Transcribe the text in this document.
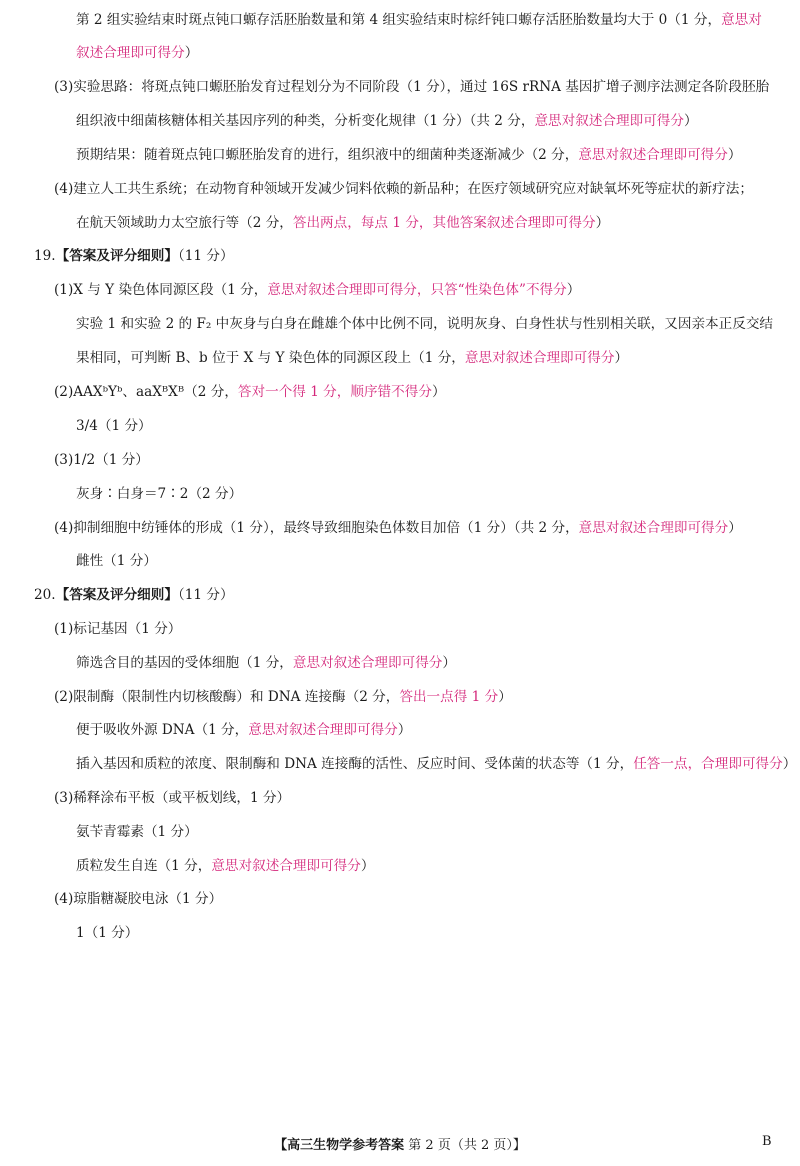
第 2 组实验结束时斑点钝口螈存活胚胎数量和第 4 组实验结束时棕纤钝口螈存活胚胎数量均大于 0（1 分，意思对
叙述合理即可得分）
(3)实验思路：将斑点钝口螈胚胎发育过程划分为不同阶段（1 分），通过 16S rRNA 基因扩增子测序法测定各阶段胚胎
组织液中细菌核糖体相关基因序列的种类，分析变化规律（1 分）（共 2 分，意思对叙述合理即可得分）
预期结果：随着斑点钝口螈胚胎发育的进行，组织液中的细菌种类逐渐减少（2 分，意思对叙述合理即可得分）
(4)建立人工共生系统；在动物育种领域开发减少饲料依赖的新品种；在医疗领域研究应对缺氧坏死等症状的新疗法；
在航天领域助力太空旅行等（2 分，答出两点，每点 1 分，其他答案叙述合理即可得分）
19.【答案及评分细则】（11 分）
(1)X 与 Y 染色体同源区段（1 分，意思对叙述合理即可得分，只答“性染色体”不得分）
实验 1 和实验 2 的 F₂ 中灰身与白身在雌雄个体中比例不同，说明灰身、白身性状与性别相关联，又因亲本正反交结
果相同，可判断 B、b 位于 X 与 Y 染色体的同源区段上（1 分，意思对叙述合理即可得分）
(2)AAXᵇYᵇ、aaXᴮXᴮ（2 分，答对一个得 1 分，顺序错不得分）
3/4（1 分）
(3)1/2（1 分）
灰身∶白身＝7∶2（2 分）
(4)抑制细胞中纺锤体的形成（1 分），最终导致细胞染色体数目加倍（1 分）（共 2 分，意思对叙述合理即可得分）
雌性（1 分）
20.【答案及评分细则】（11 分）
(1)标记基因（1 分）
筛选含目的基因的受体细胞（1 分，意思对叙述合理即可得分）
(2)限制酶（限制性内切核酸酶）和 DNA 连接酶（2 分，答出一点得 1 分）
便于吸收外源 DNA（1 分，意思对叙述合理即可得分）
插入基因和质粒的浓度、限制酶和 DNA 连接酶的活性、反应时间、受体菌的状态等（1 分，任答一点，合理即可得分）
(3)稀释涂布平板（或平板划线，1 分）
氨苄青霉素（1 分）
质粒发生自连（1 分，意思对叙述合理即可得分）
(4)琼脂糖凝胶电泳（1 分）
1（1 分）
【高三生物学参考答案 第 2 页（共 2 页）】	B
